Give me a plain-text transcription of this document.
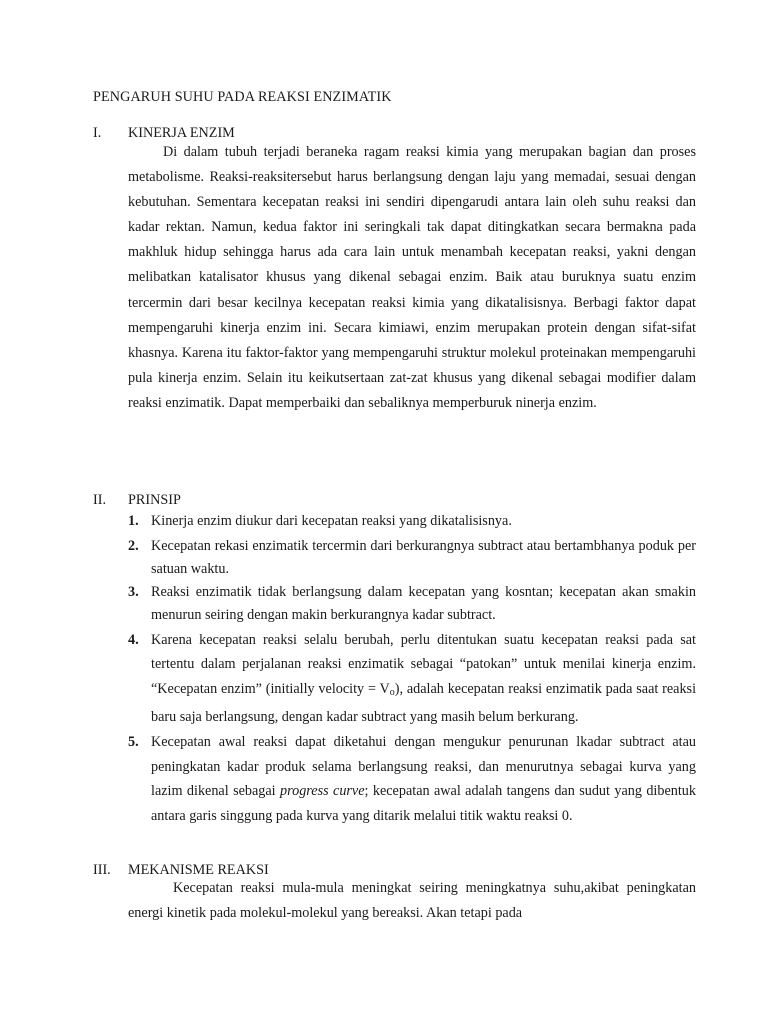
PENGARUH SUHU PADA REAKSI ENZIMATIK
I. KINERJA ENZIM
Di dalam tubuh terjadi beraneka ragam reaksi kimia yang merupakan bagian dan proses metabolisme. Reaksi-reaksitersebut harus berlangsung dengan laju yang memadai, sesuai dengan kebutuhan. Sementara kecepatan reaksi ini sendiri dipengarudi antara lain oleh suhu reaksi dan kadar rektan. Namun, kedua faktor ini seringkali tak dapat ditingkatkan secara bermakna pada makhluk hidup sehingga harus ada cara lain untuk menambah kecepatan reaksi, yakni dengan melibatkan katalisator khusus yang dikenal sebagai enzim. Baik atau buruknya suatu enzim tercermin dari besar kecilnya kecepatan reaksi kimia yang dikatalisisnya. Berbagi faktor dapat mempengaruhi kinerja enzim ini. Secara kimiawi, enzim merupakan protein dengan sifat-sifat khasnya. Karena itu faktor-faktor yang mempengaruhi struktur molekul proteinakan mempengaruhi pula kinerja enzim. Selain itu keikutsertaan zat-zat khusus yang dikenal sebagai modifier dalam reaksi enzimatik. Dapat memperbaiki dan sebaliknya memperburuk ninerja enzim.
II. PRINSIP
1. Kinerja enzim diukur dari kecepatan reaksi yang dikatalisisnya.
2. Kecepatan rekasi enzimatik tercermin dari berkurangnya subtract atau bertambhanya poduk per satuan waktu.
3. Reaksi enzimatik tidak berlangsung dalam kecepatan yang kosntan; kecepatan akan smakin menurun seiring dengan makin berkurangnya kadar subtract.
4. Karena kecepatan reaksi selalu berubah, perlu ditentukan suatu kecepatan reaksi pada sat tertentu dalam perjalanan reaksi enzimatik sebagai “patokan” untuk menilai kinerja enzim. “Kecepatan enzim” (initially velocity = $V_o$), adalah kecepatan reaksi enzimatik pada saat reaksi baru saja berlangsung, dengan kadar subtract yang masih belum berkurang.
5. Kecepatan awal reaksi dapat diketahui dengan mengukur penurunan lkadar subtract atau peningkatan kadar produk selama berlangsung reaksi, dan menurutnya sebagai kurva yang lazim dikenal sebagai progress curve; kecepatan awal adalah tangens dan sudut yang dibentuk antara garis singgung pada kurva yang ditarik melalui titik waktu reaksi 0.
III. MEKANISME REAKSI
Kecepatan reaksi mula-mula meningkat seiring meningkatnya suhu,akibat peningkatan energi kinetik pada molekul-molekul yang bereaksi. Akan tetapi pada
